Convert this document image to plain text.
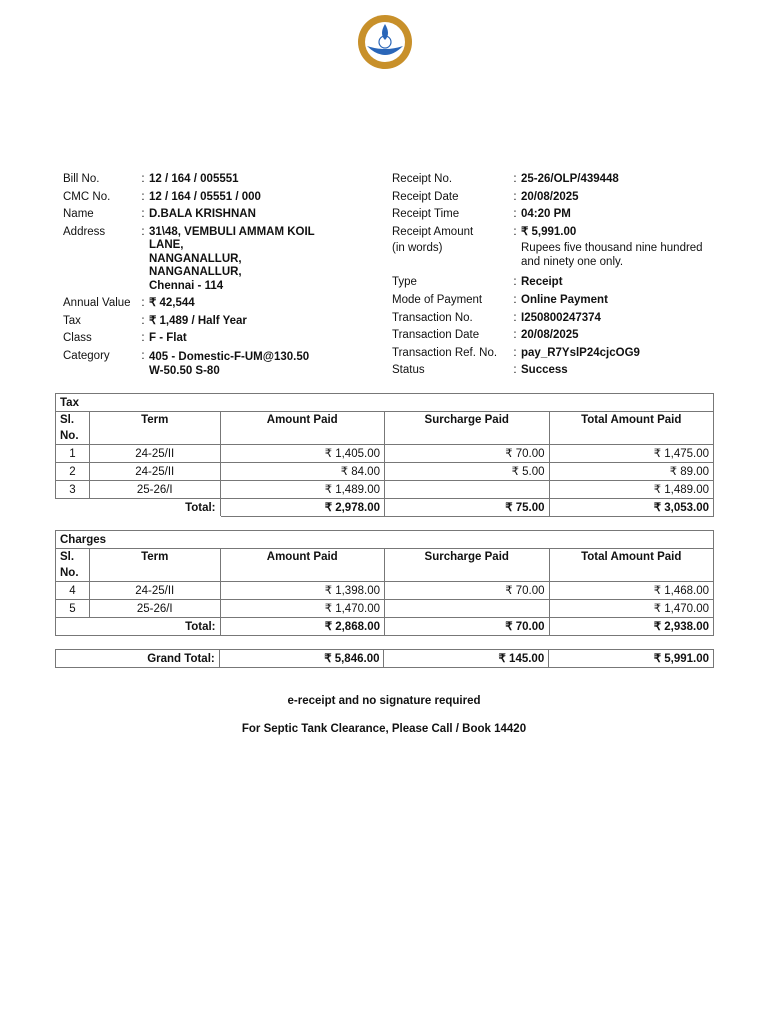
Bill No.	: 12 / 164 / 005551
CMC No.	: 12 / 164 / 05551 / 000
Name	: D.BALA KRISHNAN
Address	: 31\48, VEMBULI AMMAM KOIL
LANE,
NANGANALLUR,
NANGANALLUR,
Chennai - 114
Annual Value : ₹ 42,544
Tax	: ₹ 1,489 / Half Year
Class	: F - Flat
Category	: 405 - Domestic-F-UM@130.50
W-50.50 S-80
Receipt No.	: 25-26/OLP/439448
Receipt Date	: 20/08/2025
Receipt Time	: 04:20 PM
Receipt Amount	: ₹ 5,991.00
(in words)	Rupees five thousand nine hundred
and ninety one only.
Type	: Receipt
Mode of Payment	: Online Payment
Transaction No.	: I250800247374
Transaction Date	: 20/08/2025
Transaction Ref. No.	: pay_R7YslP24cjcOG9
Status	: Success
Tax				
Sl.
No.	Term	Amount Paid	Surcharge Paid	Total Amount Paid
1	24-25/II	₹ 1,405.00	₹ 70.00	₹ 1,475.00
2	24-25/II	₹ 84.00	₹ 5.00	₹ 89.00
3	25-26/I	₹ 1,489.00		₹ 1,489.00
Total:		₹ 2,978.00	₹ 75.00	₹ 3,053.00
Charges				
Sl.
No.	Term	Amount Paid	Surcharge Paid	Total Amount Paid
4	24-25/II	₹ 1,398.00	₹ 70.00	₹ 1,468.00
5	25-26/I	₹ 1,470.00		₹ 1,470.00
Total:		₹ 2,868.00	₹ 70.00	₹ 2,938.00
Grand Total:	₹ 5,846.00	₹ 145.00	₹ 5,991.00
e-receipt and no signature required
For Septic Tank Clearance, Please Call / Book 14420
